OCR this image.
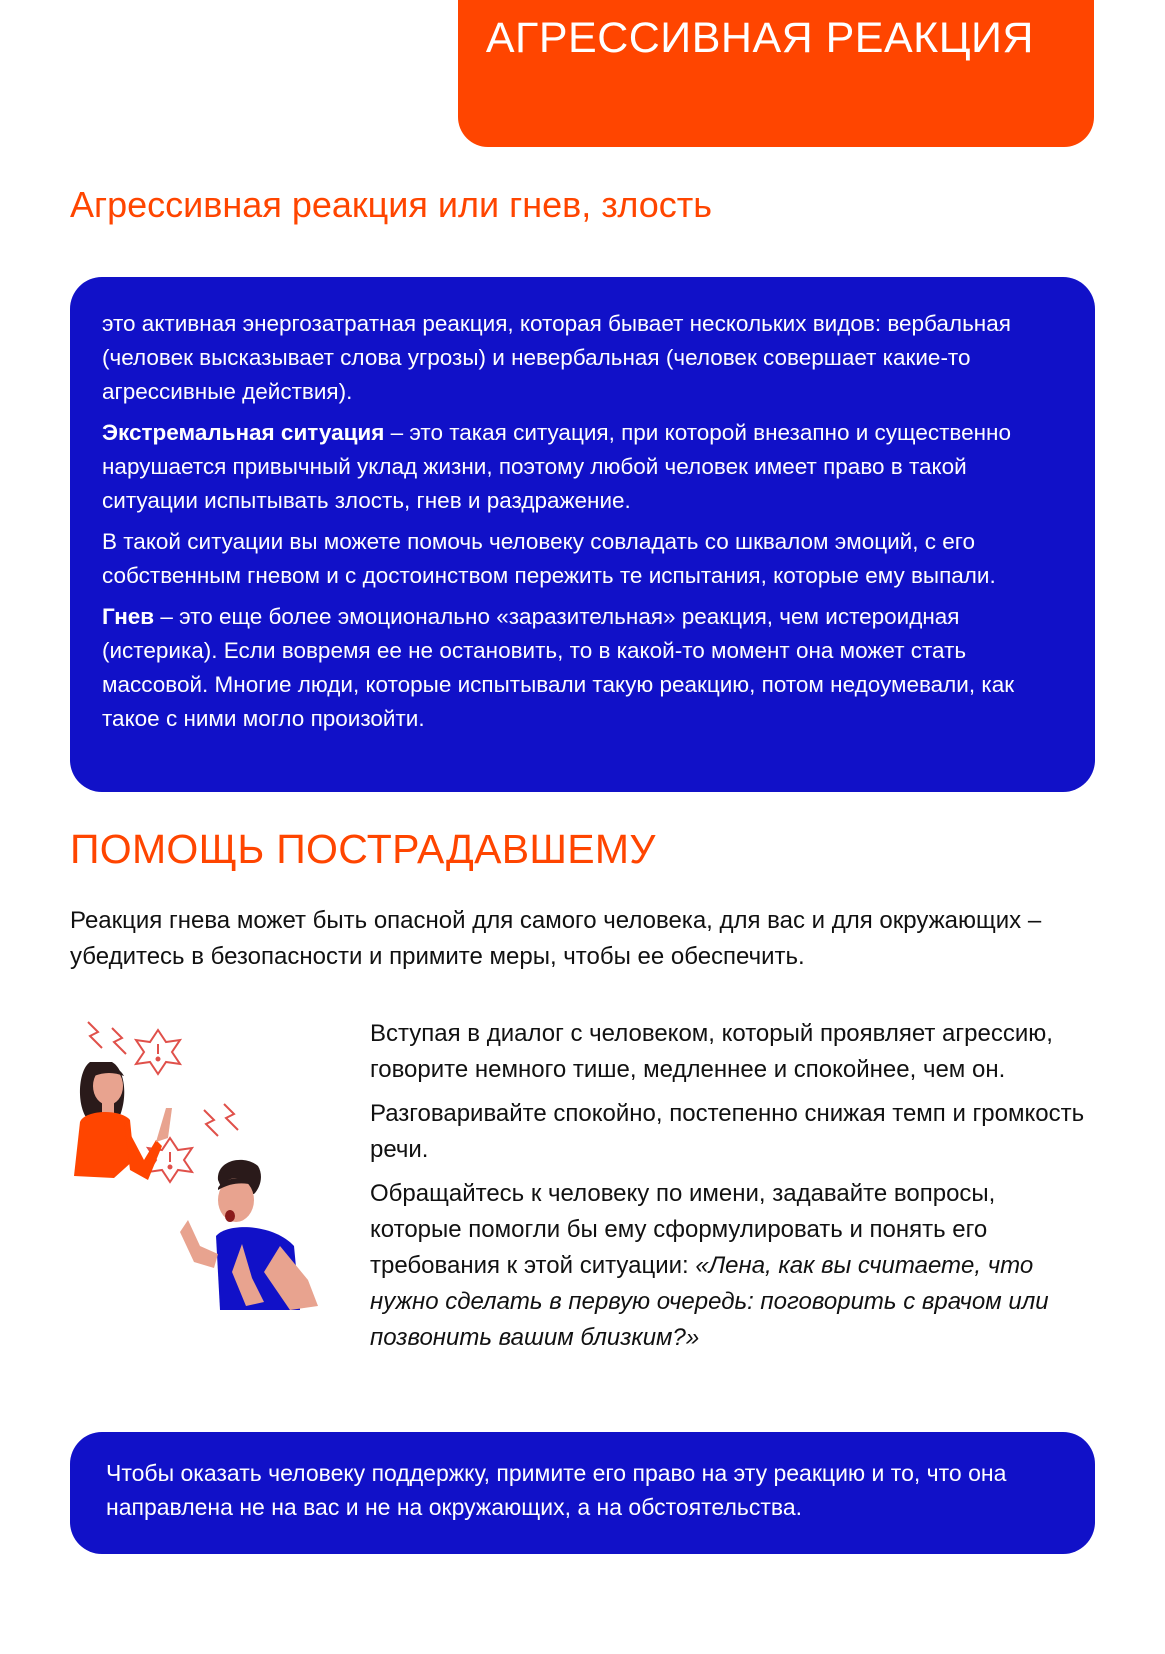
АГРЕССИВНАЯ РЕАКЦИЯ
Агрессивная реакция или гнев, злость

это активная энергозатратная реакция, которая бывает нескольких видов: вербальная (человек высказывает слова угрозы) и невербальная (человек совершает какие-то агрессивные действия).

Экстремальная ситуация – это такая ситуация, при которой внезапно и существенно нарушается привычный уклад жизни, поэтому любой человек имеет право в такой ситуации испытывать злость, гнев и раздражение.

В такой ситуации вы можете помочь человеку совладать со шквалом эмоций, с его собственным гневом и с достоинством пережить те испытания, которые ему выпали.

Гнев – это еще более эмоционально «заразительная» реакция, чем истероидная (истерика). Если вовремя ее не остановить, то в какой-то момент она может стать массовой. Многие люди, которые испытывали такую реакцию, потом недоумевали, как такое с ними могло произойти.

ПОМОЩЬ ПОСТРАДАВШЕМУ

Реакция гнева может быть опасной для самого человека, для вас и для окружающих – убедитесь в безопасности и примите меры, чтобы ее обеспечить.

Вступая в диалог с человеком, который проявляет агрессию, говорите немного тише, медленнее и спокойнее, чем он.

Разговаривайте спокойно, постепенно снижая темп и громкость речи.

Обращайтесь к человеку по имени, задавайте вопросы, которые помогли бы ему сформулировать и понять его требования к этой ситуации: «Лена, как вы считаете, что нужно сделать в первую очередь: поговорить с врачом или позвонить вашим близким?»

Чтобы оказать человеку поддержку, примите его право на эту реакцию и то, что она направлена не на вас и не на окружающих, а на обстоятельства.
